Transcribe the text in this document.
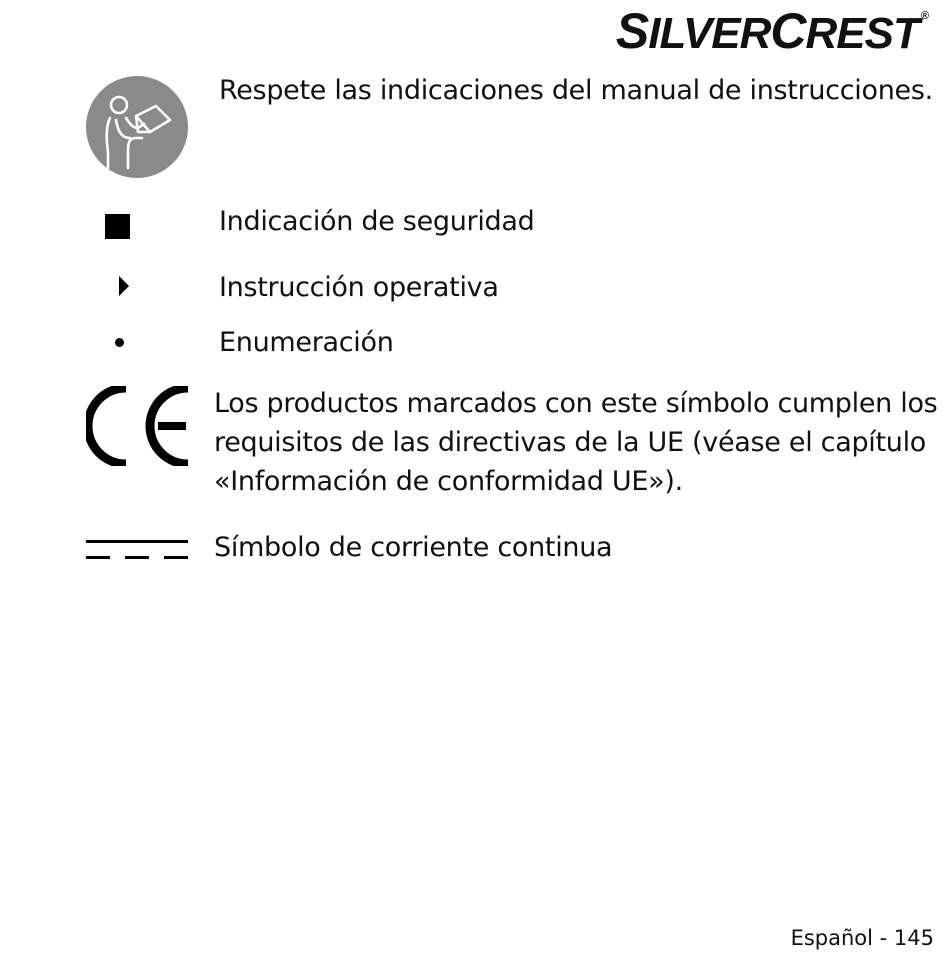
SILVERCREST ®
Respete las indicaciones del manual de instrucciones.
Indicación de seguridad
Instrucción operativa
Enumeración
Los productos marcados con este símbolo cumplen los
requisitos de las directivas de la UE (véase el capítulo
«Información de conformidad UE»).
Símbolo de corriente continua
Español - 145
